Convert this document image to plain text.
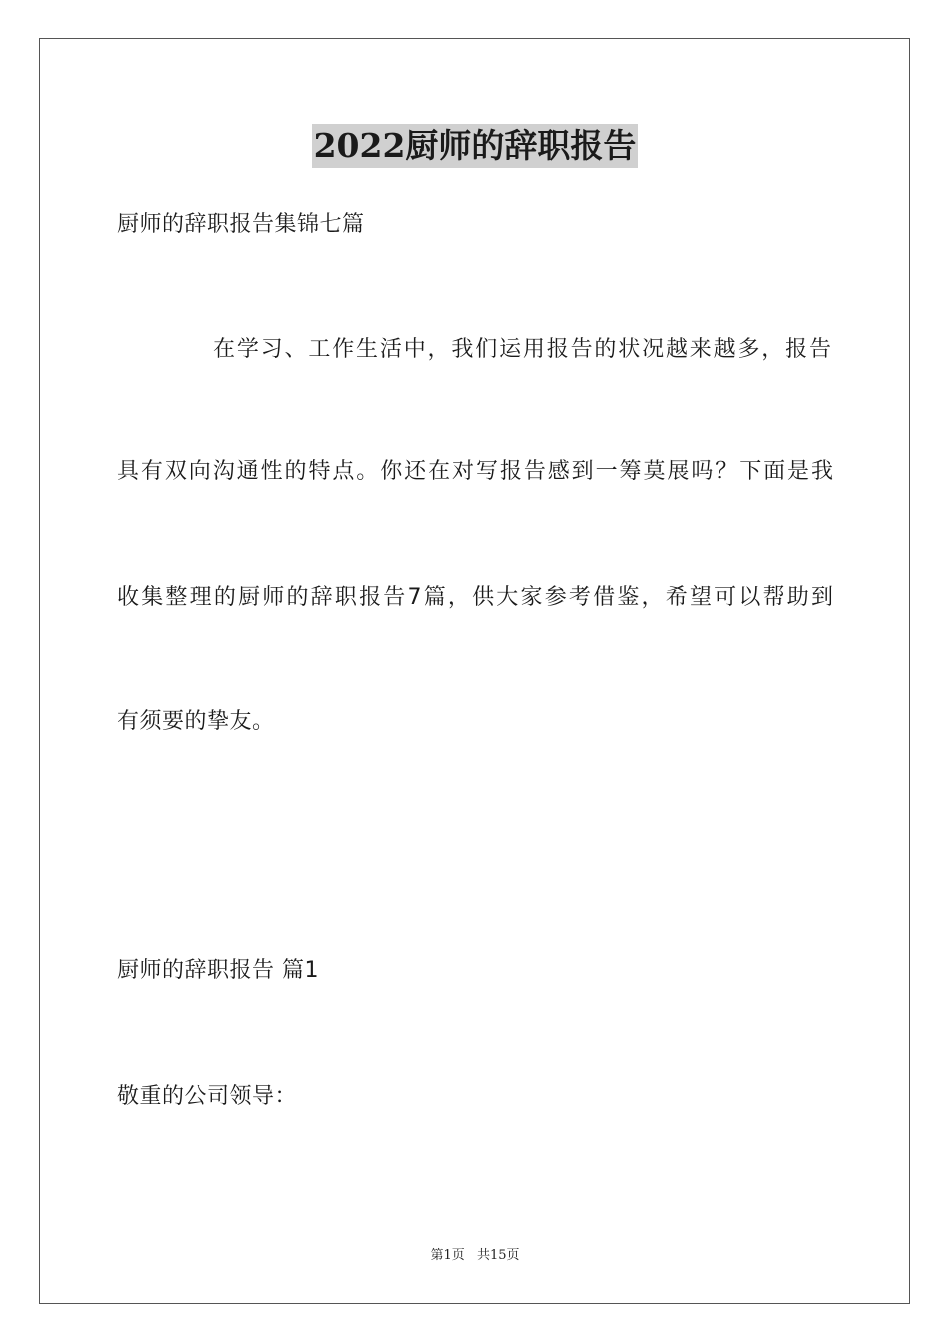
2022厨师的辞职报告
厨师的辞职报告集锦七篇
在学习、工作生活中，我们运用报告的状况越来越多，报告
具有双向沟通性的特点。你还在对写报告感到一筹莫展吗？下面是我
收集整理的厨师的辞职报告7篇，供大家参考借鉴，希望可以帮助到
有须要的挚友。
厨师的辞职报告 篇1
敬重的公司领导：
第1页 共15页
